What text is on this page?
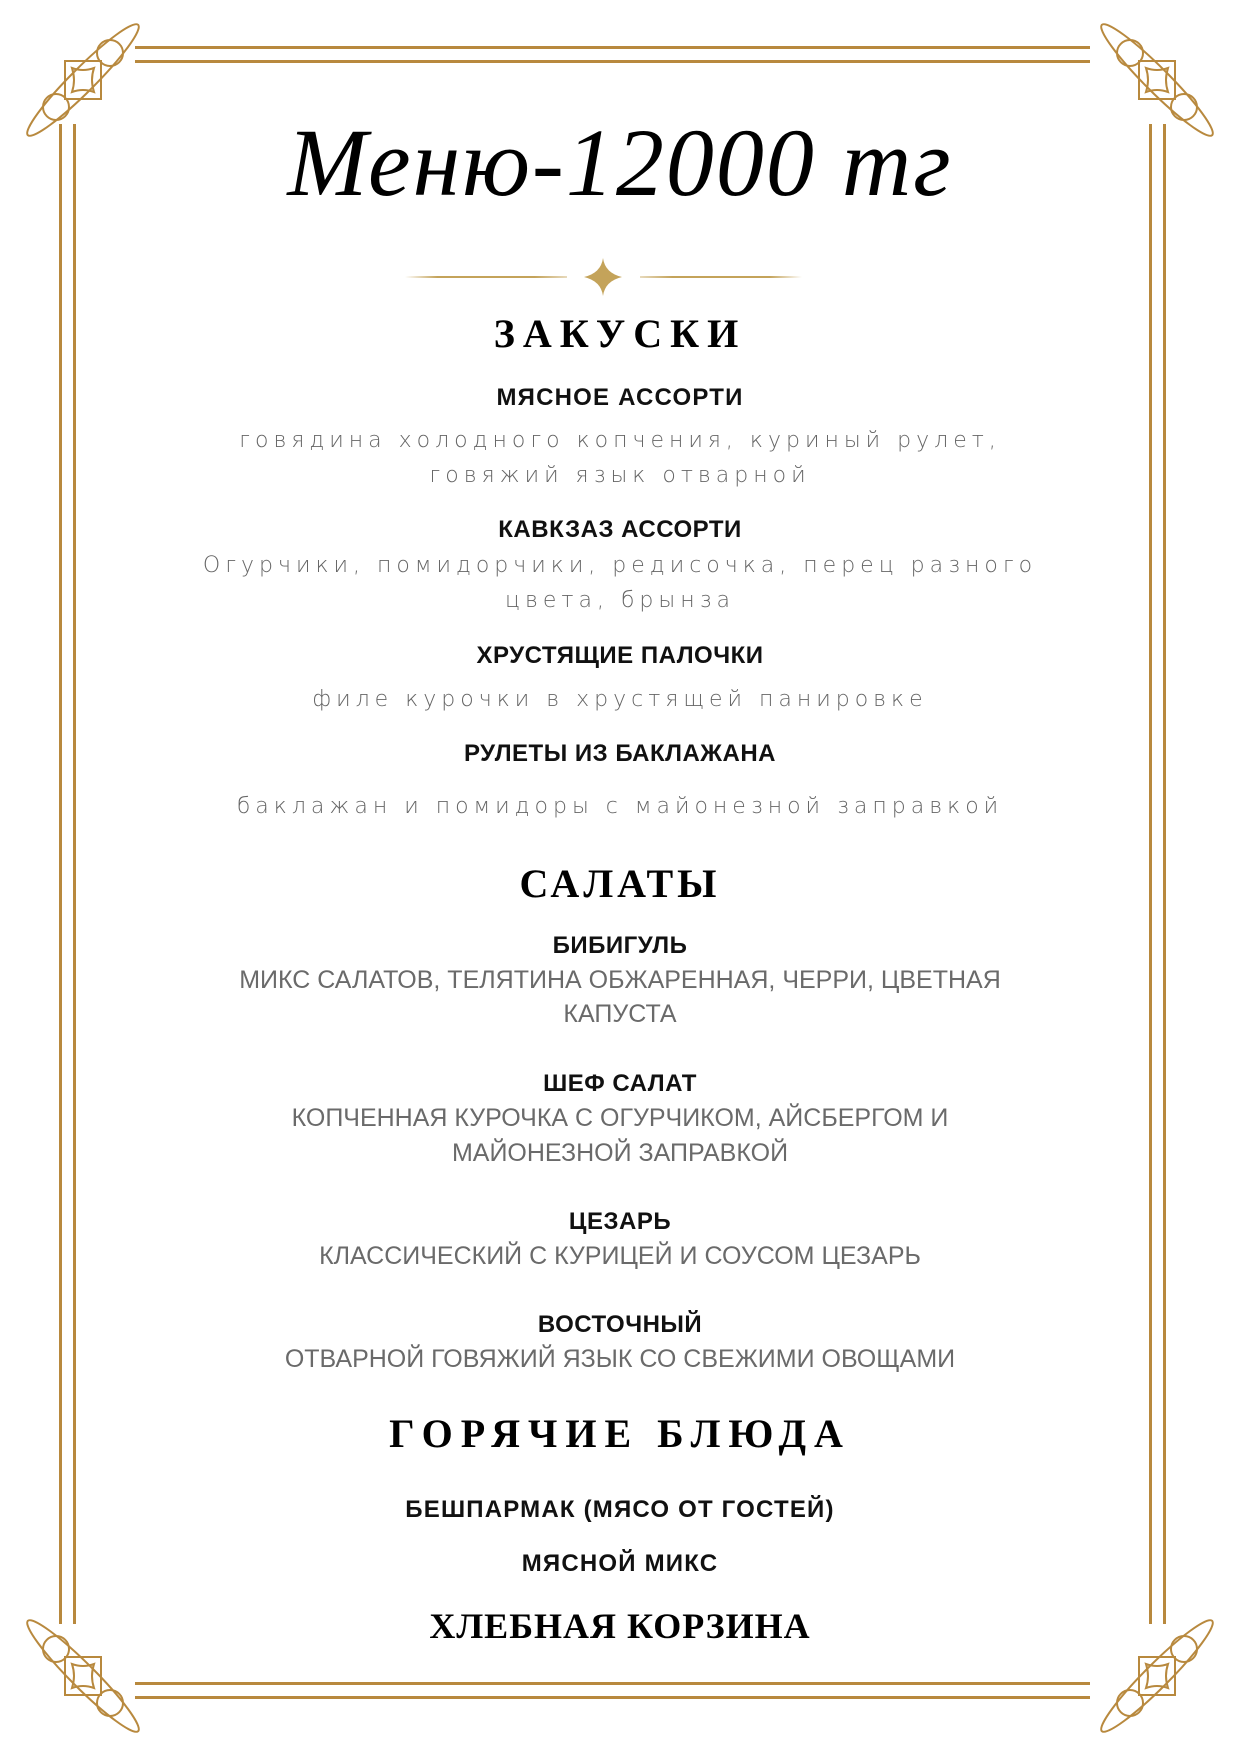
Меню-12000 тг
ЗАКУСКИ
МЯСНОЕ АССОРТИ
говядина холодного копчения, куриный рулет,
говяжий язык отварной
КАВКЗАЗ АССОРТИ
Огурчики, помидорчики, редисочка, перец разного
цвета, брынза
ХРУСТЯЩИЕ ПАЛОЧКИ
филе курочки в хрустящей панировке
РУЛЕТЫ ИЗ БАКЛАЖАНА
баклажан и помидоры с майонезной заправкой
САЛАТЫ
БИБИГУЛЬ
МИКС САЛАТОВ, ТЕЛЯТИНА ОБЖАРЕННАЯ, ЧЕРРИ, ЦВЕТНАЯ
КАПУСТА
ШЕФ САЛАТ
КОПЧЕННАЯ КУРОЧКА С ОГУРЧИКОМ, АЙСБЕРГОМ И
МАЙОНЕЗНОЙ ЗАПРАВКОЙ
ЦЕЗАРЬ
КЛАССИЧЕСКИЙ С КУРИЦЕЙ И СОУСОМ ЦЕЗАРЬ
ВОСТОЧНЫЙ
ОТВАРНОЙ ГОВЯЖИЙ ЯЗЫК СО СВЕЖИМИ ОВОЩАМИ
ГОРЯЧИЕ БЛЮДА
БЕШПАРМАК (МЯСО ОТ ГОСТЕЙ)
МЯСНОЙ МИКС
ХЛЕБНАЯ КОРЗИНА
